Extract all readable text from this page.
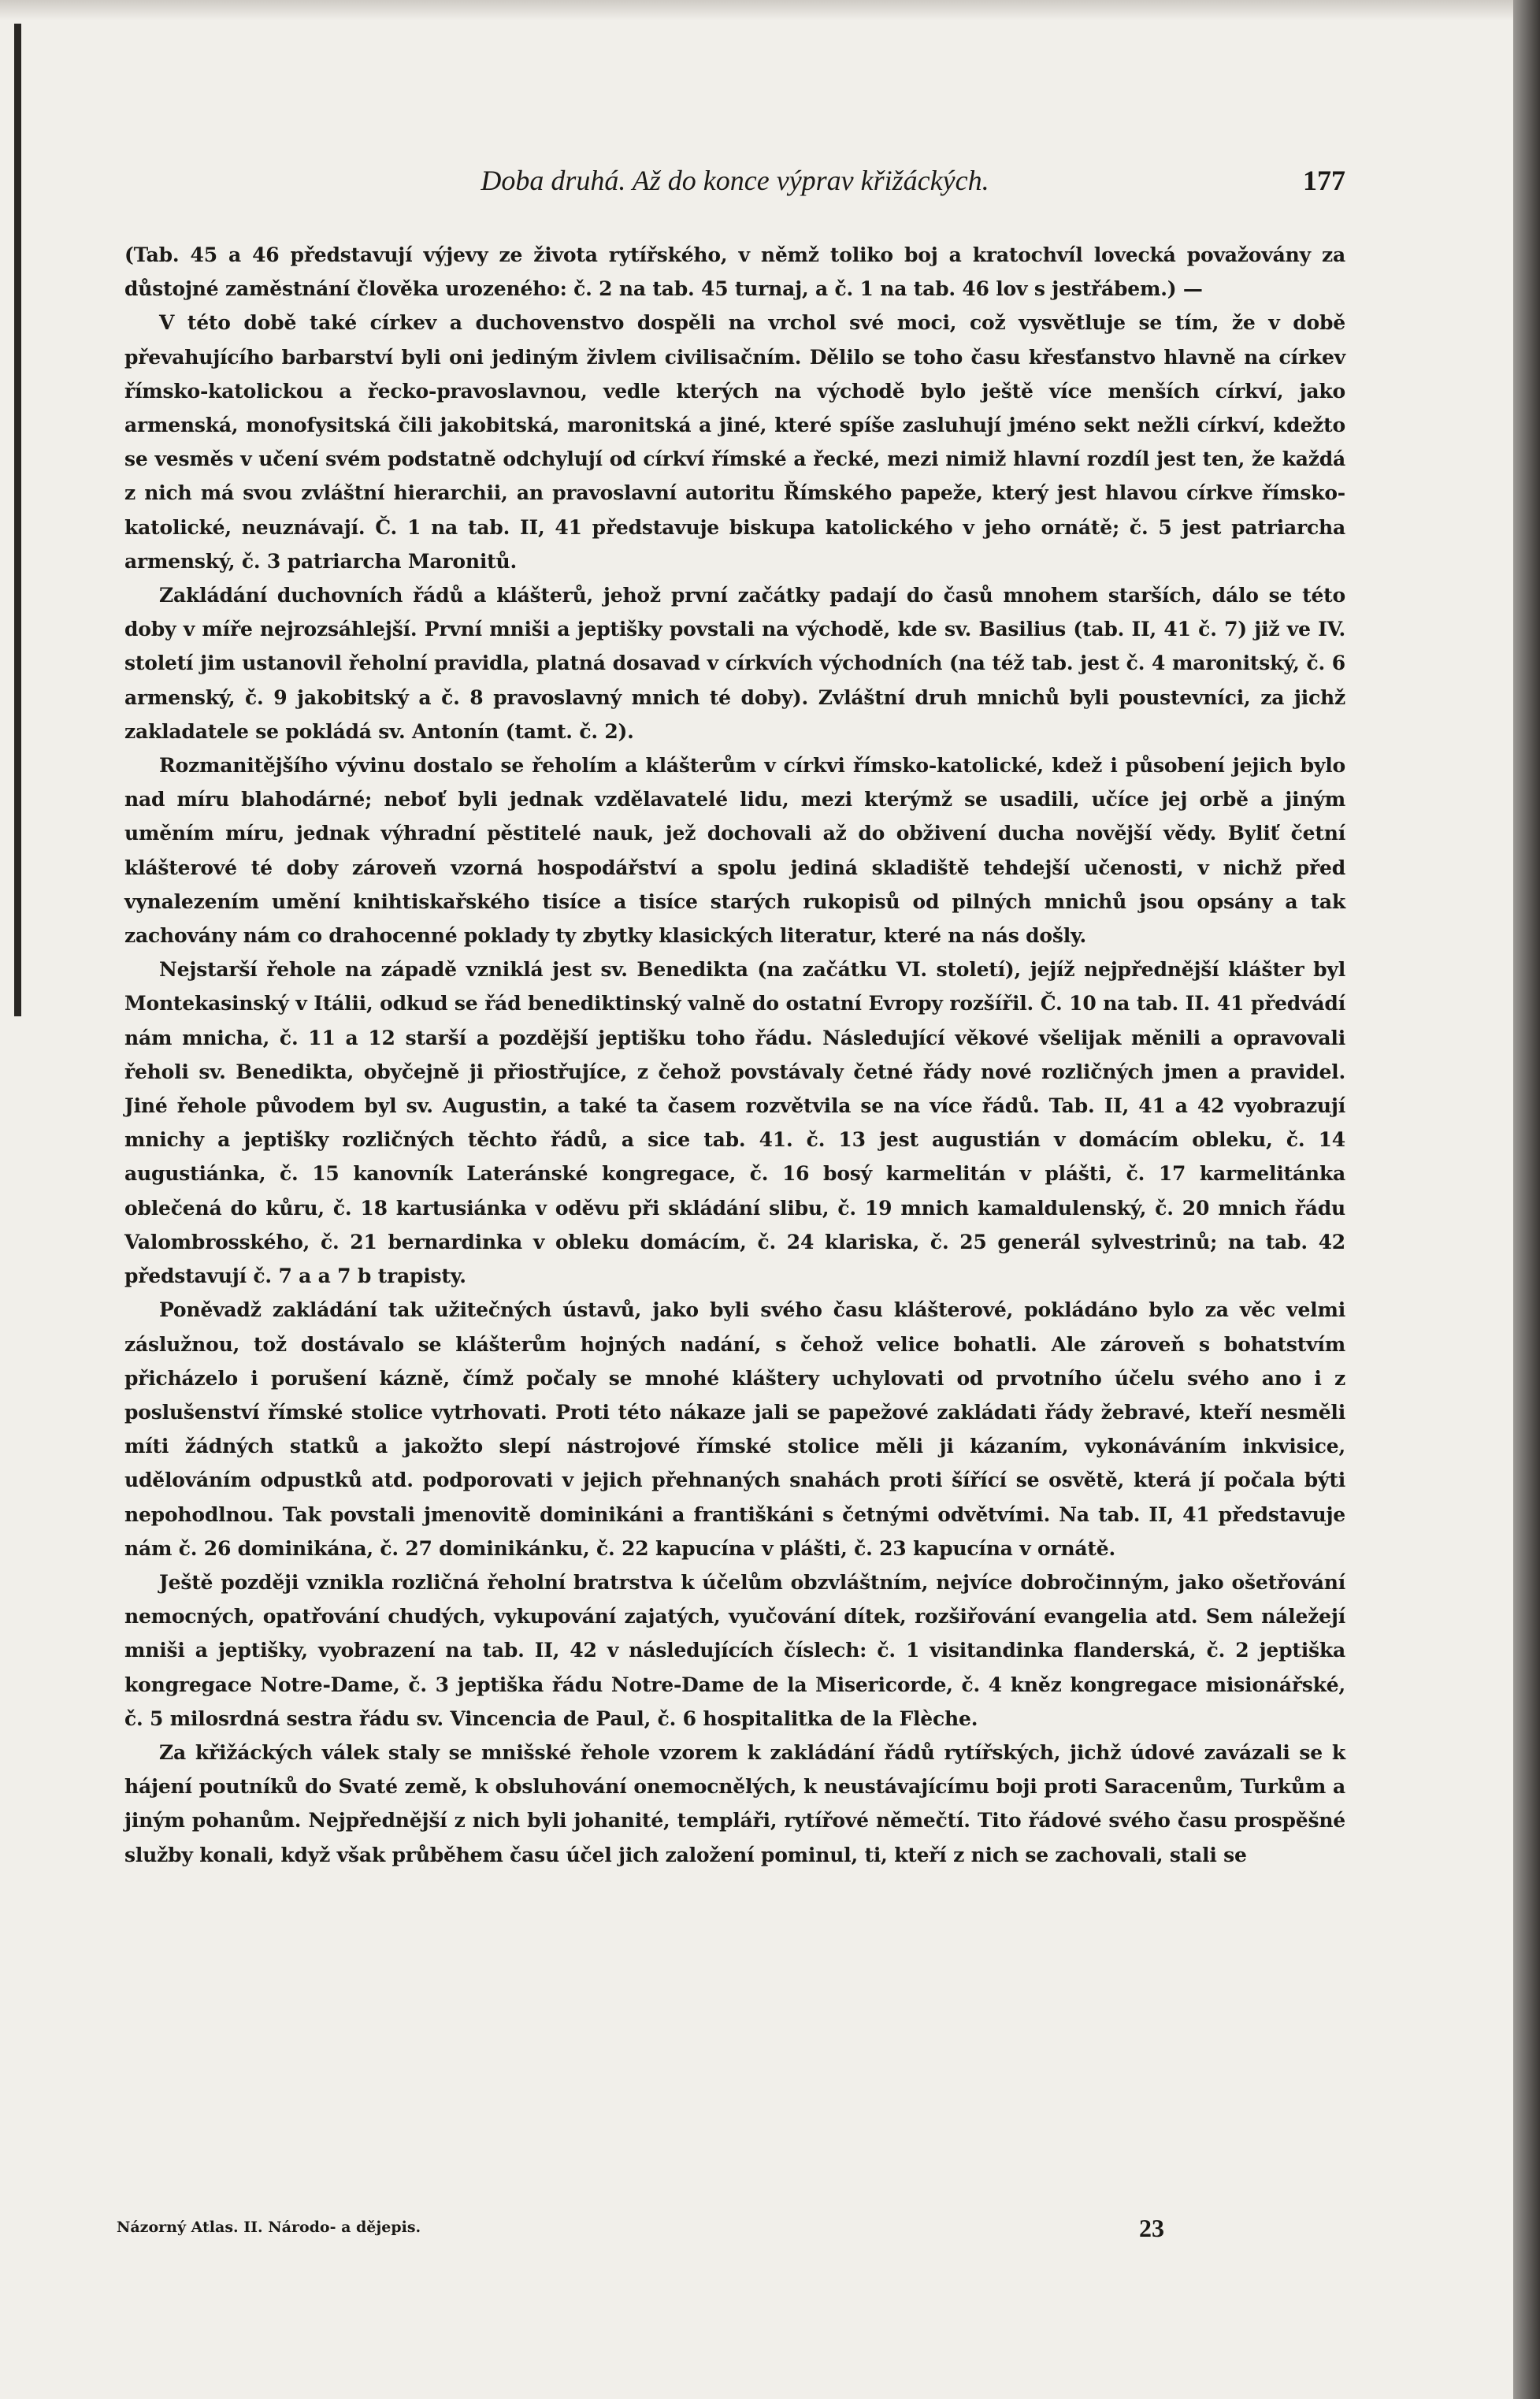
Doba druhá. Až do konce výprav křižáckých.	177

(Tab. 45 a 46 představují výjevy ze života rytířského, v němž toliko boj a kratochvíl lovecká považovány za důstojné zaměstnání člověka urozeného: č. 2 na tab. 45 turnaj, a č. 1 na tab. 46 lov s jestřábem.) —

V této době také církev a duchovenstvo dospěli na vrchol své moci, což vysvětluje se tím, že v době převahujícího barbarství byli oni jediným živlem civilisačním. Dělilo se toho času křesťanstvo hlavně na církev římsko-katolickou a řecko-pravoslavnou, vedle kterých na východě bylo ještě více menších církví, jako armenská, monofysitská čili jakobitská, maronitská a jiné, které spíše zasluhují jméno sekt nežli církví, kdežto se vesměs v učení svém podstatně odchylují od církví římské a řecké, mezi nimiž hlavní rozdíl jest ten, že každá z nich má svou zvláštní hierarchii, an pravoslavní autoritu Římského papeže, který jest hlavou církve římsko-katolické, neuznávají. Č. 1 na tab. II, 41 představuje biskupa katolického v jeho ornátě; č. 5 jest patriarcha armenský, č. 3 patriarcha Maronitů.

Zakládání duchovních řádů a klášterů, jehož první začátky padají do časů mnohem starších, dálo se této doby v míře nejrozsáhlejší. První mniši a jeptišky povstali na východě, kde sv. Basilius (tab. II, 41 č. 7) již ve IV. století jim ustanovil řeholní pravidla, platná dosavad v církvích východních (na též tab. jest č. 4 maronitský, č. 6 armenský, č. 9 jakobitský a č. 8 pravoslavný mnich té doby). Zvláštní druh mnichů byli poustevníci, za jichž zakladatele se pokládá sv. Antonín (tamt. č. 2).

Rozmanitějšího vývinu dostalo se řeholím a klášterům v církvi římsko-katolické, kdež i působení jejich bylo nad míru blahodárné; neboť byli jednak vzdělavatelé lidu, mezi kterýmž se usadili, učíce jej orbě a jiným uměním míru, jednak výhradní pěstitelé nauk, jež dochovali až do obživení ducha novější vědy. Byliť četní klášterové té doby zároveň vzorná hospodářství a spolu jediná skladiště tehdejší učenosti, v nichž před vynalezením umění knihtiskařského tisíce a tisíce starých rukopisů od pilných mnichů jsou opsány a tak zachovány nám co drahocenné poklady ty zbytky klasických literatur, které na nás došly.

Nejstarší řehole na západě vzniklá jest sv. Benedikta (na začátku VI. století), jejíž nejpřednější klášter byl Montekasinský v Itálii, odkud se řád benediktinský valně do ostatní Evropy rozšířil. Č. 10 na tab. II. 41 předvádí nám mnicha, č. 11 a 12 starší a pozdější jeptišku toho řádu. Následující věkové všelijak měnili a opravovali řeholi sv. Benedikta, obyčejně ji přiostřujíce, z čehož povstávaly četné řády nové rozličných jmen a pravidel. Jiné řehole původem byl sv. Augustin, a také ta časem rozvětvila se na více řádů. Tab. II, 41 a 42 vyobrazují mnichy a jeptišky rozličných těchto řádů, a sice tab. 41. č. 13 jest augustián v domácím obleku, č. 14 augustiánka, č. 15 kanovník Lateránské kongregace, č. 16 bosý karmelitán v plášti, č. 17 karmelitánka oblečená do kůru, č. 18 kartusiánka v oděvu při skládání slibu, č. 19 mnich kamaldulenský, č. 20 mnich řádu Valombrosského, č. 21 bernardinka v obleku domácím, č. 24 klariska, č. 25 generál sylvestrinů; na tab. 42 představují č. 7 a a 7 b trapisty.

Poněvadž zakládání tak užitečných ústavů, jako byli svého času klášterové, pokládáno bylo za věc velmi záslužnou, tož dostávalo se klášterům hojných nadání, s čehož velice bohatli. Ale zároveň s bohatstvím přicházelo i porušení kázně, čímž počaly se mnohé kláštery uchylovati od prvotního účelu svého ano i z poslušenství římské stolice vytrhovati. Proti této nákaze jali se papežové zakládati řády žebravé, kteří nesměli míti žádných statků a jakožto slepí nástrojové římské stolice měli ji kázaním, vykonáváním inkvisice, udělováním odpustků atd. podporovati v jejich přehnaných snahách proti šířící se osvětě, která jí počala býti nepohodlnou. Tak povstali jmenovitě dominikáni a františkáni s četnými odvětvími. Na tab. II, 41 představuje nám č. 26 dominikána, č. 27 dominikánku, č. 22 kapucína v plášti, č. 23 kapucína v ornátě.

Ještě později vznikla rozličná řeholní bratrstva k účelům obzvláštním, nejvíce dobročinným, jako ošetřování nemocných, opatřování chudých, vykupování zajatých, vyučování dítek, rozšiřování evangelia atd. Sem náležejí mniši a jeptišky, vyobrazení na tab. II, 42 v následujících číslech: č. 1 visitandinka flanderská, č. 2 jeptiška kongregace Notre-Dame, č. 3 jeptiška řádu Notre-Dame de la Misericorde, č. 4 kněz kongregace misionářské, č. 5 milosrdná sestra řádu sv. Vincencia de Paul, č. 6 hospitalitka de la Flèche.

Za křižáckých válek staly se mnišské řehole vzorem k zakládání řádů rytířských, jichž údové zavázali se k hájení poutníků do Svaté země, k obsluhování onemocnělých, k neustávajícímu boji proti Saracenům, Turkům a jiným pohanům. Nejpřednější z nich byli johanité, templáři, rytířové němečtí. Tito řádové svého času prospěšné služby konali, když však průběhem času účel jich založení pominul, ti, kteří z nich se zachovali, stali se

Názorný Atlas. II. Národo- a dějepis.	23
